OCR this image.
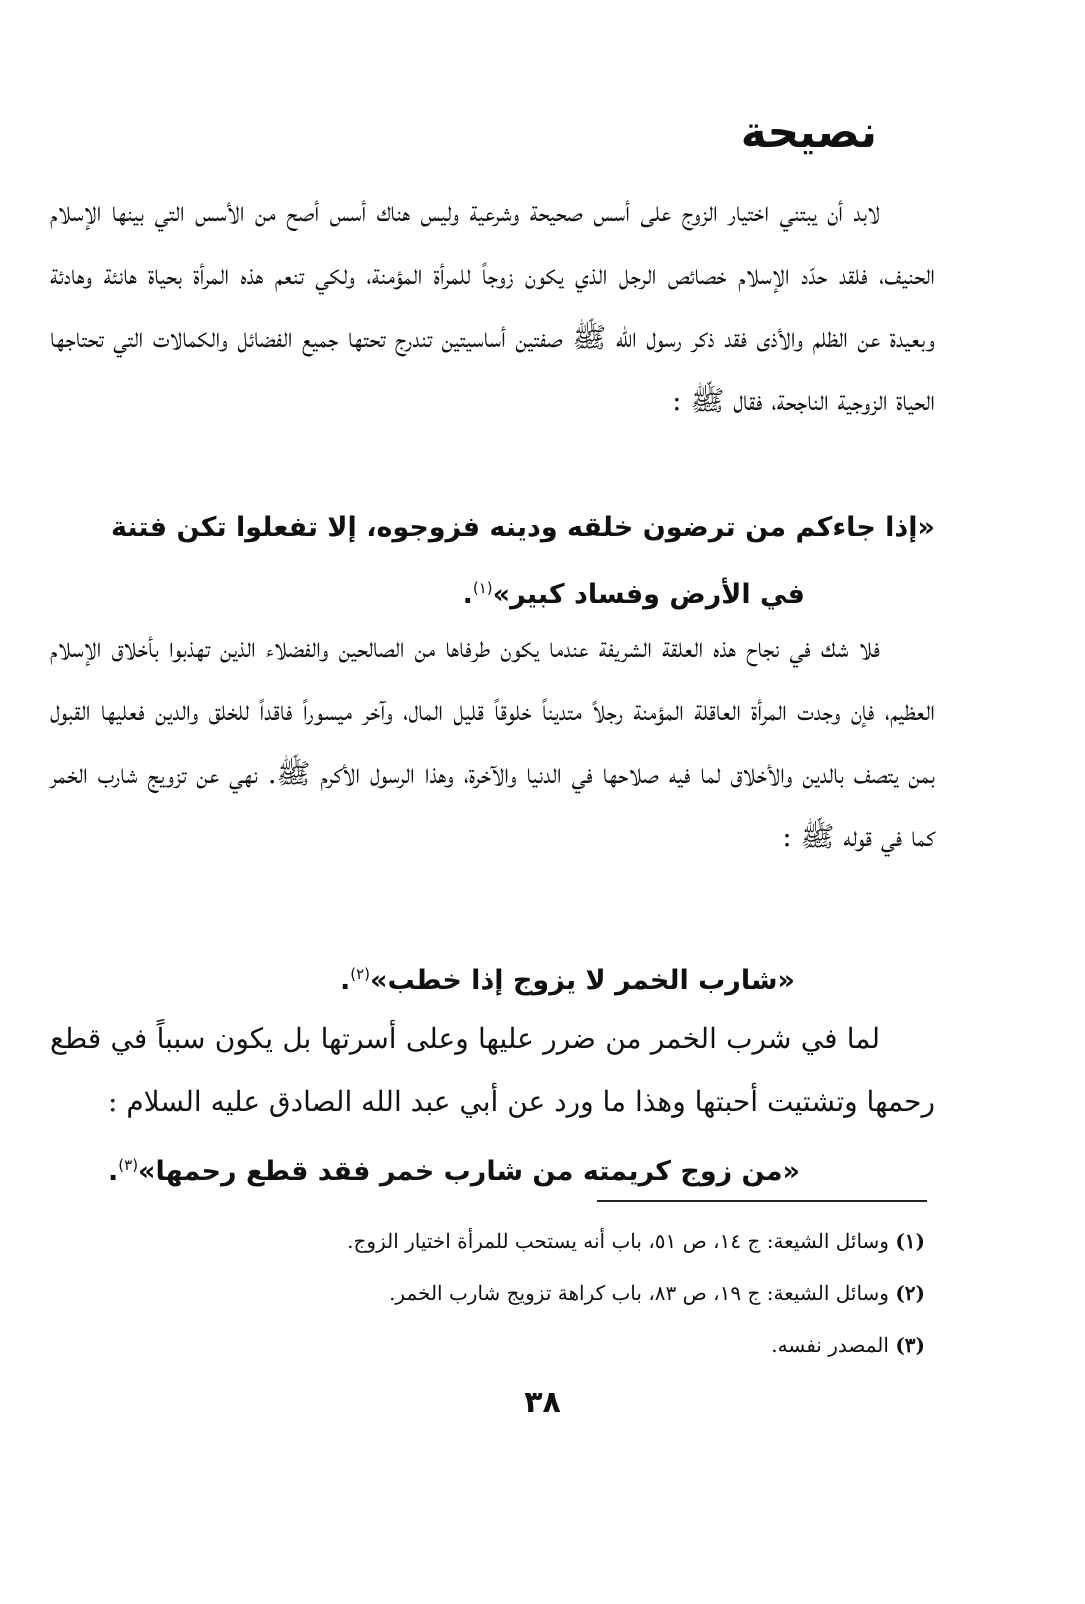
نصيحة

لابد أن يبتني اختيار الزوج على أسس صحيحة وشرعية وليس هناك أسس أصح من الأسس التي بينها الإسلام الحنيف، فلقد حدّد الإسلام خصائص الرجل الذي يكون زوجاً للمرأة المؤمنة، ولكي تنعم هذه المرأة بحياة هانئة وهادئة وبعيدة عن الظلم والأذى فقد ذكر رسول الله ﷺ صفتين أساسيتين تندرج تحتها جميع الفضائل والكمالات التي تحتاجها الحياة الزوجية الناجحة، فقال ﷺ :

«إذا جاءكم من ترضون خلقه ودينه فزوجوه، إلا تفعلوا تكن فتنة
في الأرض وفساد كبير»$^{(١)}$.

فلا شك في نجاح هذه العلقة الشريفة عندما يكون طرفاها من الصالحين والفضلاء الذين تهذبوا بأخلاق الإسلام العظيم، فإن وجدت المرأة العاقلة المؤمنة رجلاً متديناً خلوقاً قليل المال، وآخر ميسوراً فاقداً للخلق والدين فعليها القبول بمن يتصف بالدين والأخلاق لما فيه صلاحها في الدنيا والآخرة، وهذا الرسول الأكرم ﷺ. نهي عن تزويج شارب الخمر كما في قوله ﷺ :

«شارب الخمر لا يزوج إذا خطب»$^{(٢)}$.

لما في شرب الخمر من ضرر عليها وعلى أسرتها بل يكون سبباً في قطع رحمها وتشتيت أحبتها وهذا ما ورد عن أبي عبد الله الصادق عليه السلام :

«من زوج كريمته من شارب خمر فقد قطع رحمها»$^{(٣)}$.

(١) وسائل الشيعة: ج ١٤، ص ٥١، باب أنه يستحب للمرأة اختيار الزوج.
(٢) وسائل الشيعة: ج ١٩، ص ٨٣، باب كراهة تزويج شارب الخمر.
(٣) المصدر نفسه.
٣٨
